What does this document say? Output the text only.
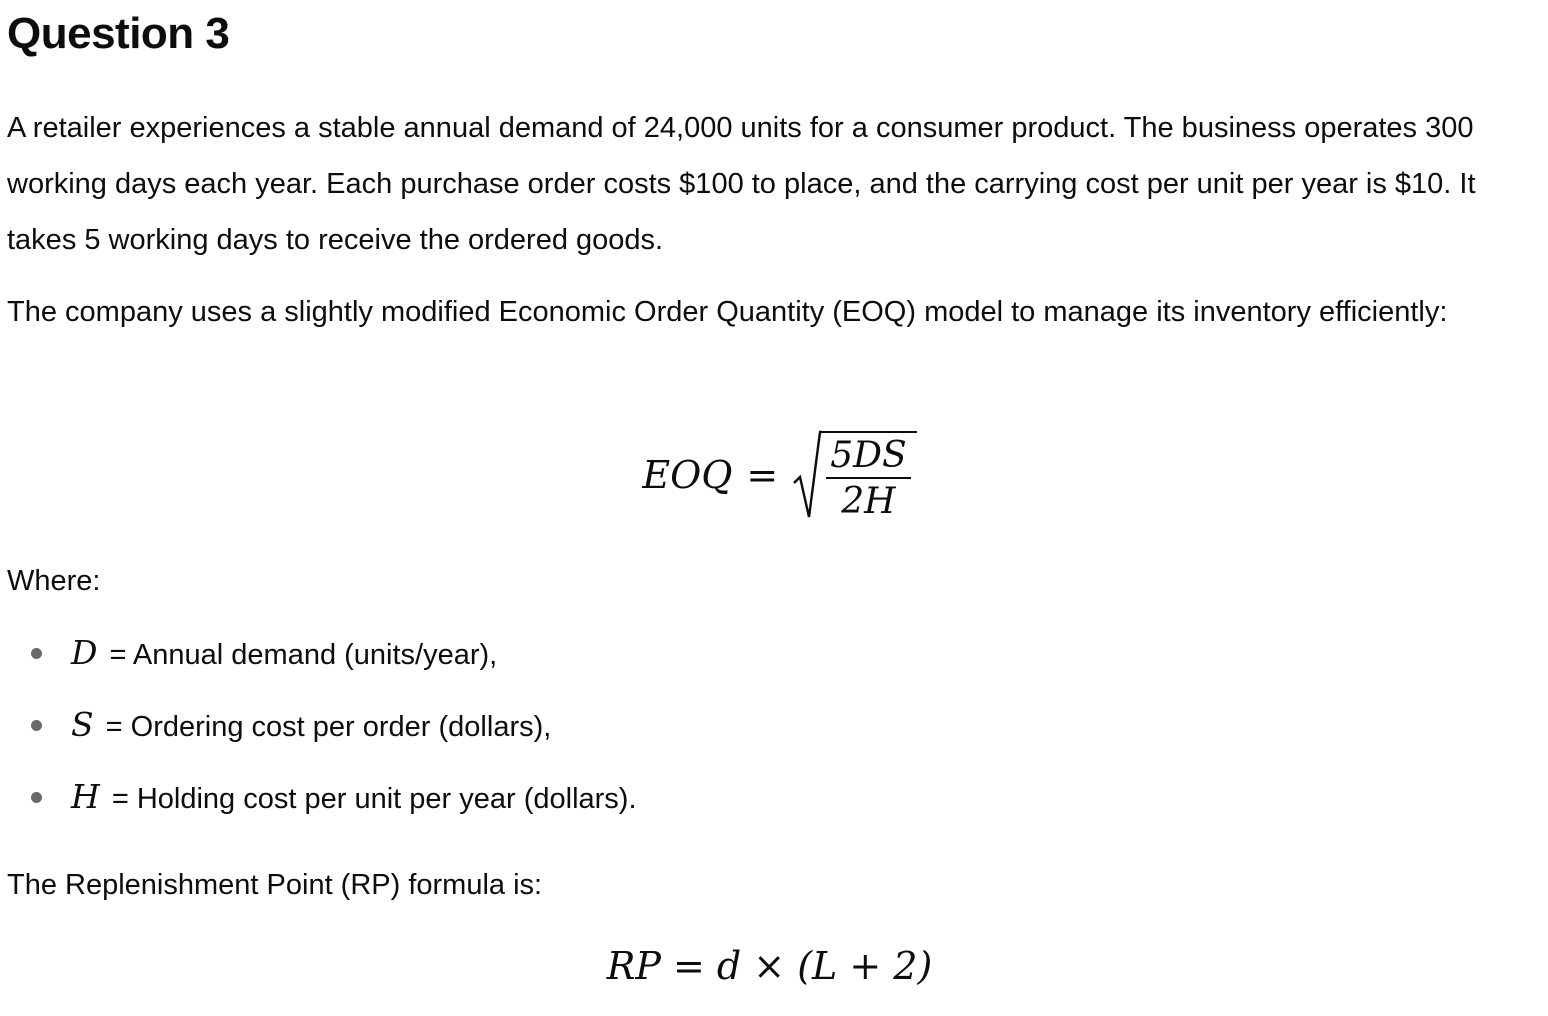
Question 3

A retailer experiences a stable annual demand of 24,000 units for a consumer product. The business operates 300 working days each year. Each purchase order costs $100 to place, and the carrying cost per unit per year is $10. It takes 5 working days to receive the ordered goods.

The company uses a slightly modified Economic Order Quantity (EOQ) model to manage its inventory efficiently:

EOQ = $\frac{5DS}{2H}$

Where:

D = Annual demand (units/year),
S = Ordering cost per order (dollars),
H = Holding cost per unit per year (dollars).

The Replenishment Point (RP) formula is:

RP = d × (L + 2)
